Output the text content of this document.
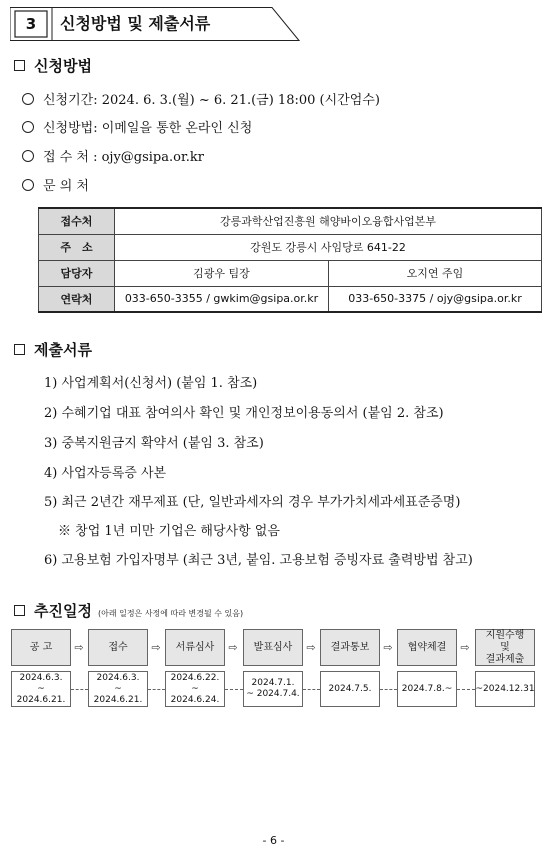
3	신청방법 및 제출서류
신청방법
신청기간: 2024. 6. 3.(월) ~ 6. 21.(금) 18:00 (시간엄수)
신청방법: 이메일을 통한 온라인 신청
접 수 처 : ojy@gsipa.or.kr
문 의 처
접수처	강릉과학산업진흥원 해양바이오융합사업본부	
주　소	강원도 강릉시 사임당로 641-22	
담당자	김광우 팀장	오지연 주임
연락처	033-650-3355 / gwkim@gsipa.or.kr	033-650-3375 / ojy@gsipa.or.kr
제출서류
1) 사업계획서(신청서) (붙임 1. 참조)
2) 수혜기업 대표 참여의사 확인 및 개인정보이용동의서 (붙임 2. 참조)
3) 중복지원금지 확약서 (붙임 3. 참조)
4) 사업자등록증 사본
5) 최근 2년간 재무제표 (단, 일반과세자의 경우 부가가치세과세표준증명)
※ 창업 1년 미만 기업은 해당사항 없음
6) 고용보험 가입자명부 (최근 3년, 붙임. 고용보험 증빙자료 출력방법 참고)
추진일정 (아래 일정은 사정에 따라 변경될 수 있음)
공 고
2024.6.3.
~ 2024.6.21.
⇨	접수
2024.6.3.
~ 2024.6.21.
⇨	서류심사
2024.6.22.
~ 2024.6.24.
⇨	발표심사
2024.7.1.
~ 2024.7.4.
⇨	결과통보
2024.7.5.
⇨	협약체결
2024.7.8.~
⇨
지원수행
및
결과제출
~2024.12.31
- 6 -
